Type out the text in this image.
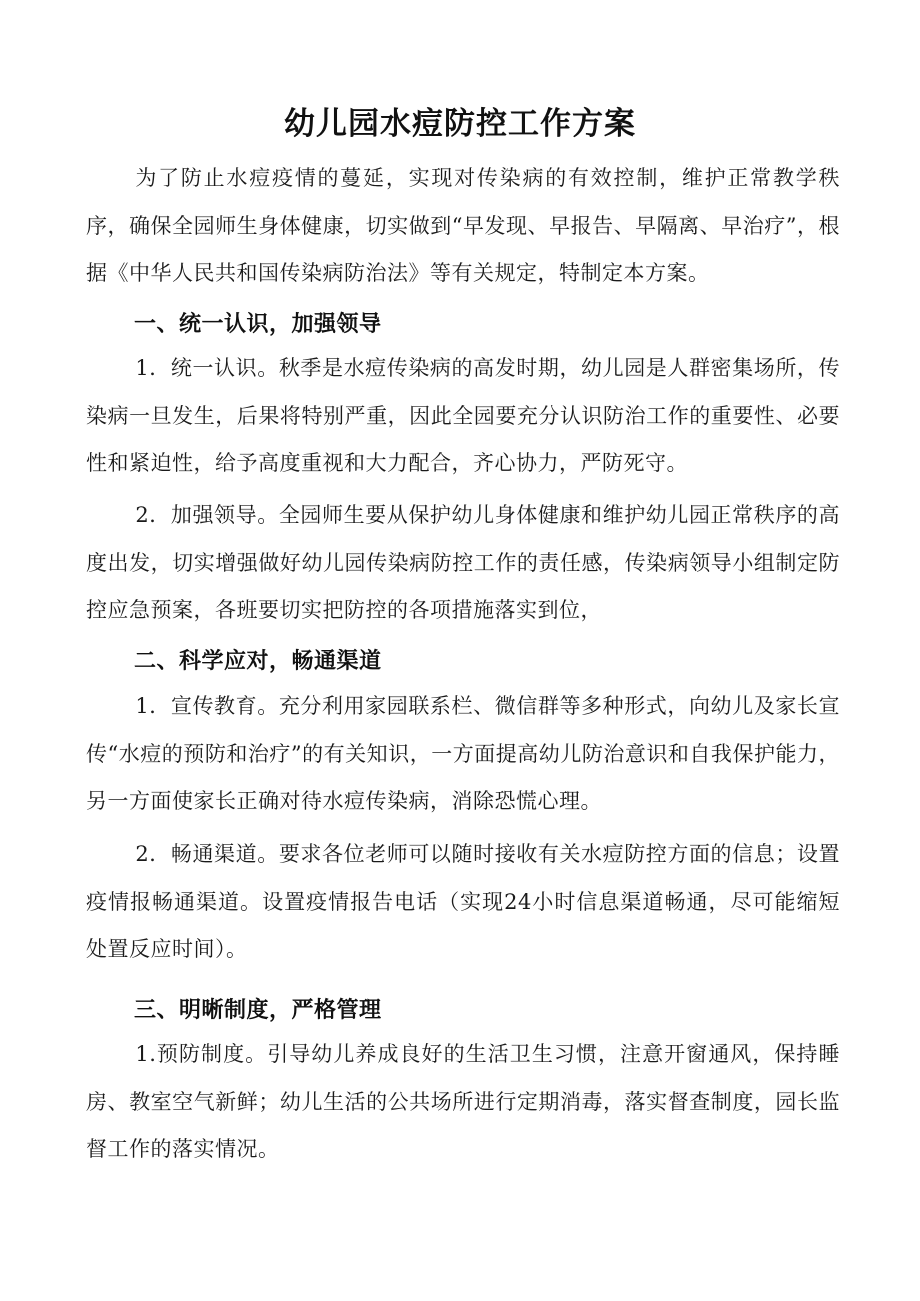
幼儿园水痘防控工作方案

为了防止水痘疫情的蔓延，实现对传染病的有效控制，维护正常教学秩序，确保全园师生身体健康，切实做到“早发现、早报告、早隔离、早治疗”，根据《中华人民共和国传染病防治法》等有关规定，特制定本方案。

一、统一认识，加强领导

1．统一认识。秋季是水痘传染病的高发时期，幼儿园是人群密集场所，传染病一旦发生，后果将特别严重，因此全园要充分认识防治工作的重要性、必要性和紧迫性，给予高度重视和大力配合，齐心协力，严防死守。

2．加强领导。全园师生要从保护幼儿身体健康和维护幼儿园正常秩序的高度出发，切实增强做好幼儿园传染病防控工作的责任感，传染病领导小组制定防控应急预案，各班要切实把防控的各项措施落实到位，

二、科学应对，畅通渠道

1．宣传教育。充分利用家园联系栏、微信群等多种形式，向幼儿及家长宣传“水痘的预防和治疗”的有关知识，一方面提高幼儿防治意识和自我保护能力，另一方面使家长正确对待水痘传染病，消除恐慌心理。

2．畅通渠道。要求各位老师可以随时接收有关水痘防控方面的信息；设置疫情报畅通渠道。设置疫情报告电话（实现24小时信息渠道畅通，尽可能缩短处置反应时间）。

三、明晰制度，严格管理

1.预防制度。引导幼儿养成良好的生活卫生习惯，注意开窗通风，保持睡房、教室空气新鲜；幼儿生活的公共场所进行定期消毒，落实督查制度，园长监督工作的落实情况。
